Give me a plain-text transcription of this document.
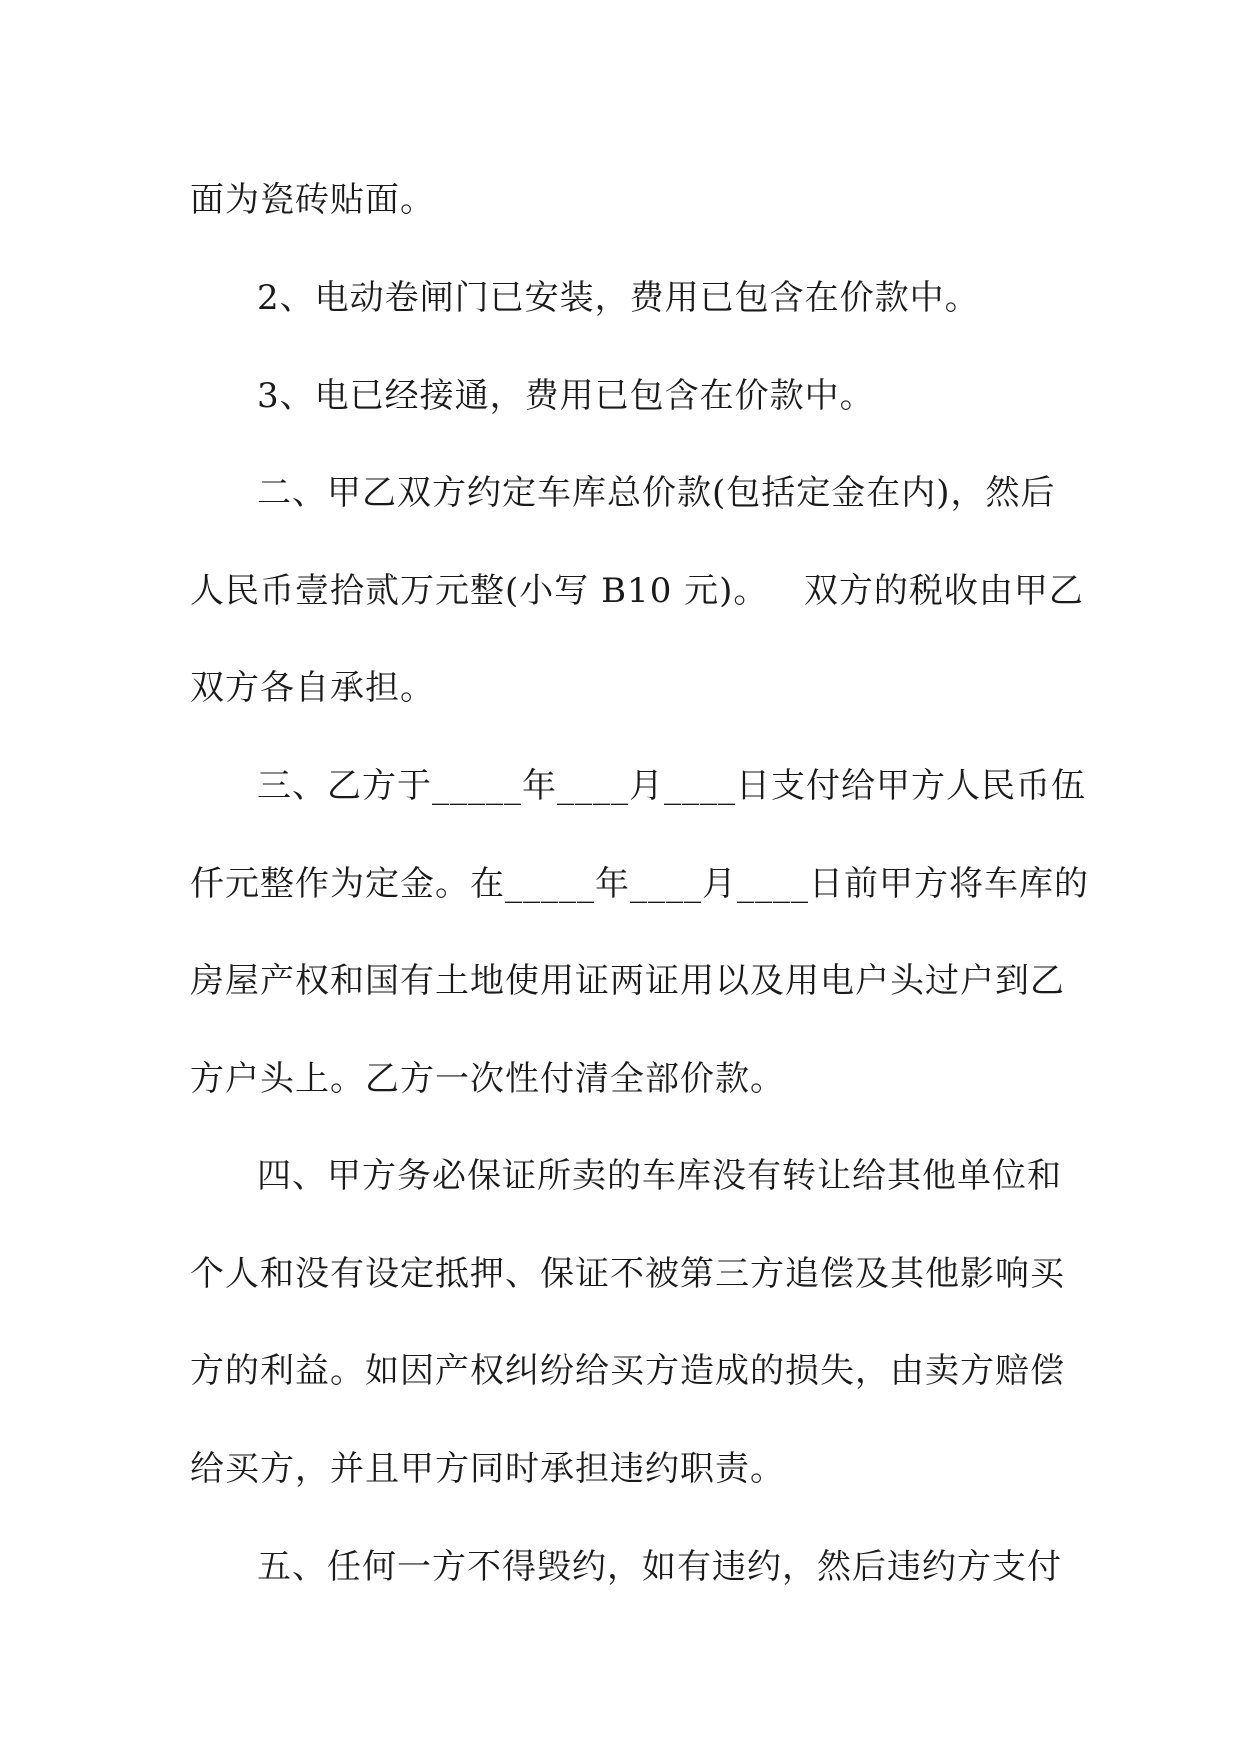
面为瓷砖贴面。
2、电动卷闸门已安装，费用已包含在价款中。
3、电已经接通，费用已包含在价款中。
二、甲乙双方约定车库总价款(包括定金在内)，然后
人民币壹拾贰万元整(小写 B10 元)。   双方的税收由甲乙
双方各自承担。
三、乙方于_____年____月____日支付给甲方人民币伍
仟元整作为定金。在_____年____月____日前甲方将车库的
房屋产权和国有土地使用证两证用以及用电户头过户到乙
方户头上。乙方一次性付清全部价款。
四、甲方务必保证所卖的车库没有转让给其他单位和
个人和没有设定抵押、保证不被第三方追偿及其他影响买
方的利益。如因产权纠纷给买方造成的损失，由卖方赔偿
给买方，并且甲方同时承担违约职责。
五、任何一方不得毁约，如有违约，然后违约方支付
